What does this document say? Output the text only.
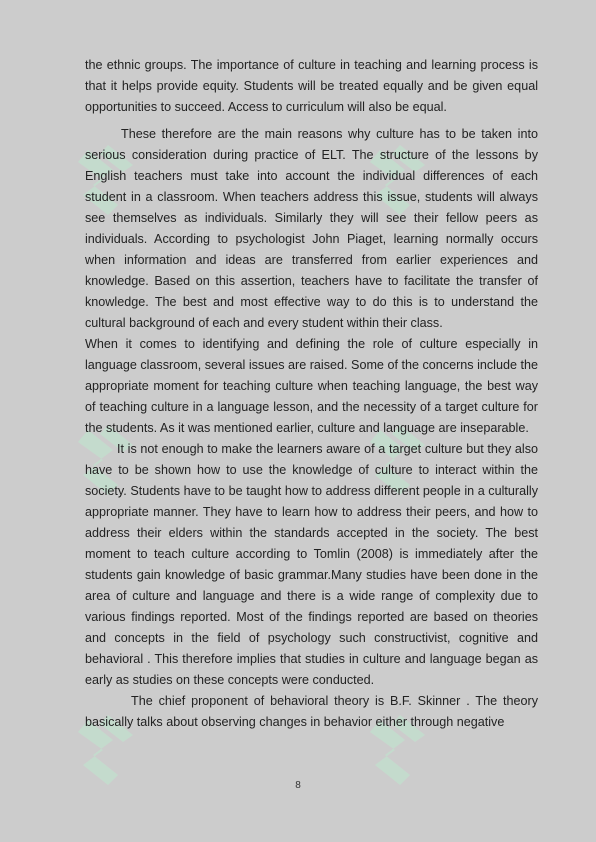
the ethnic groups. The importance of culture in teaching and learning process is that it helps provide equity. Students will be treated equally and be given equal opportunities to succeed. Access to curriculum will also be equal.

These therefore are the main reasons why culture has to be taken into serious consideration during practice of ELT. The structure of the lessons by English teachers must take into account the individual differences of each student in a classroom. When teachers address this issue, students will always see themselves as individuals. Similarly they will see their fellow peers as individuals. According to psychologist John Piaget, learning normally occurs when information and ideas are transferred from earlier experiences and knowledge. Based on this assertion, teachers have to facilitate the transfer of knowledge. The best and most effective way to do this is to understand the cultural background of each and every student within their class.

When it comes to identifying and defining the role of culture especially in language classroom, several issues are raised. Some of the concerns include the appropriate moment for teaching culture when teaching language, the best way of teaching culture in a language lesson, and the necessity of a target culture for the students. As it was mentioned earlier, culture and language are inseparable.

It is not enough to make the learners aware of a target culture but they also have to be shown how to use the knowledge of culture to interact within the society. Students have to be taught how to address different people in a culturally appropriate manner. They have to learn how to address their peers, and how to address their elders within the standards accepted in the society. The best moment to teach culture according to Tomlin (2008) is immediately after the students gain knowledge of basic grammar.Many studies have been done in the area of culture and language and there is a wide range of complexity due to various findings reported. Most of the findings reported are based on theories and concepts in the field of psychology such constructivist, cognitive and behavioral . This therefore implies that studies in culture and language began as early as studies on these concepts were conducted.

The chief proponent of behavioral theory is B.F. Skinner . The theory basically talks about observing changes in behavior either through negative

8
